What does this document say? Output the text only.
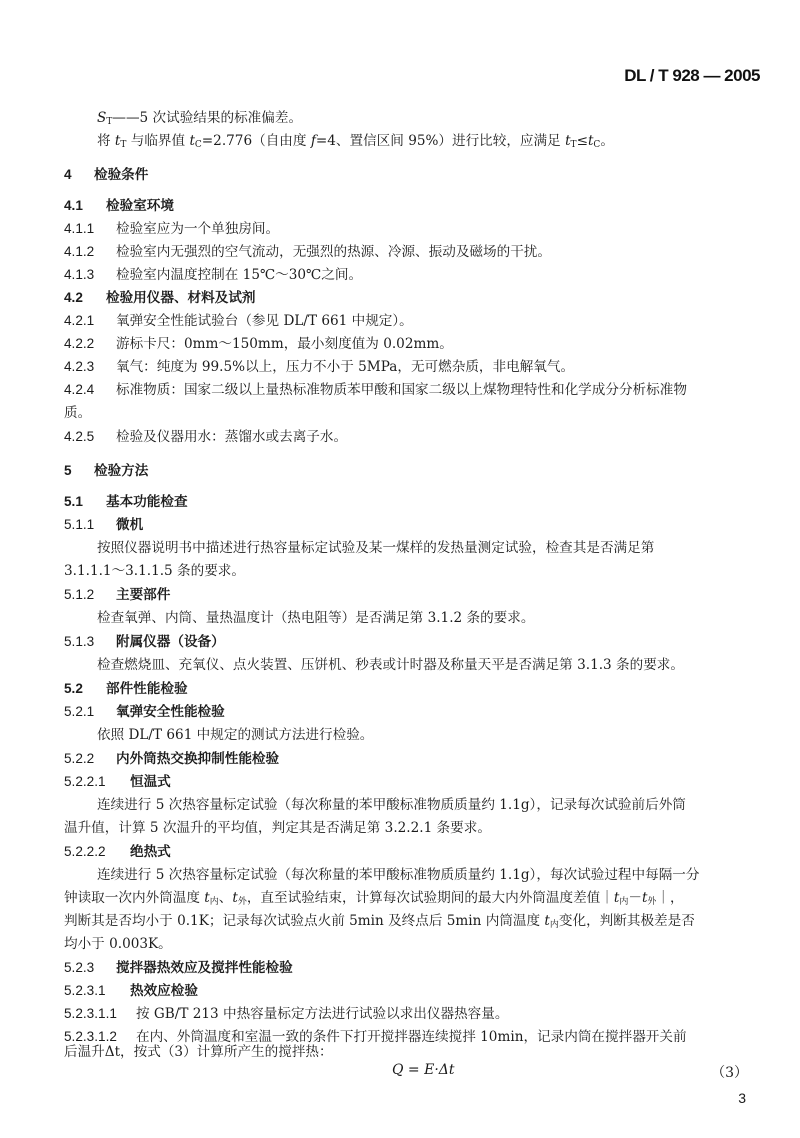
DL / T 928 — 2005
$S_T——5$ 次试验结果的标准偏差。
将 $t_T$ 与临界值 $t_C=2.776$（自由度 f=4、置信区间 95%）进行比较，应满足 $t_T\le t_C$。
4 检验条件
4.1 检验室环境
4.1.1 检验室应为一个单独房间。
4.1.2 检验室内无强烈的空气流动，无强烈的热源、冷源、振动及磁场的干扰。
4.1.3 检验室内温度控制在 15℃～30℃之间。
4.2 检验用仪器、材料及试剂
4.2.1 氧弹安全性能试验台（参见 DL/T 661 中规定）。
4.2.2 游标卡尺：0mm～150mm，最小刻度值为 0.02mm。
4.2.3 氧气：纯度为 99.5%以上，压力不小于 5MPa，无可燃杂质，非电解氧气。
4.2.4 标准物质：国家二级以上量热标准物质苯甲酸和国家二级以上煤物理特性和化学成分分析标准物
质。
4.2.5 检验及仪器用水：蒸馏水或去离子水。
5 检验方法
5.1 基本功能检查
5.1.1 微机
按照仪器说明书中描述进行热容量标定试验及某一煤样的发热量测定试验，检查其是否满足第
3.1.1.1～3.1.1.5 条的要求。
5.1.2 主要部件
检查氧弹、内筒、量热温度计（热电阻等）是否满足第 3.1.2 条的要求。
5.1.3 附属仪器（设备）
检查燃烧皿、充氧仪、点火装置、压饼机、秒表或计时器及称量天平是否满足第 3.1.3 条的要求。
5.2 部件性能检验
5.2.1 氧弹安全性能检验
依照 DL/T 661 中规定的测试方法进行检验。
5.2.2 内外筒热交换抑制性能检验
5.2.2.1 恒温式
连续进行 5 次热容量标定试验（每次称量的苯甲酸标准物质质量约 1.1g），记录每次试验前后外筒
温升值，计算 5 次温升的平均值，判定其是否满足第 3.2.2.1 条要求。
5.2.2.2 绝热式
连续进行 5 次热容量标定试验（每次称量的苯甲酸标准物质质量约 1.1g），每次试验过程中每隔一分
钟读取一次内外筒温度 $t_内$、$t_外$，直至试验结束，计算每次试验期间的最大内外筒温度差值$|t_内-t_外|$，
判断其是否均小于 0.1K；记录每次试验点火前 5min 及终点后 5min 内筒温度 $t_内$变化，判断其极差是否
均小于 0.003K。
5.2.3 搅拌器热效应及搅拌性能检验
5.2.3.1 热效应检验
5.2.3.1.1 按 GB/T 213 中热容量标定方法进行试验以求出仪器热容量。
5.2.3.1.2 在内、外筒温度和室温一致的条件下打开搅拌器连续搅拌 10min，记录内筒在搅拌器开关前
后温升Δt，按式（3）计算所产生的搅拌热：
Q = E·Δt	（3）
3
